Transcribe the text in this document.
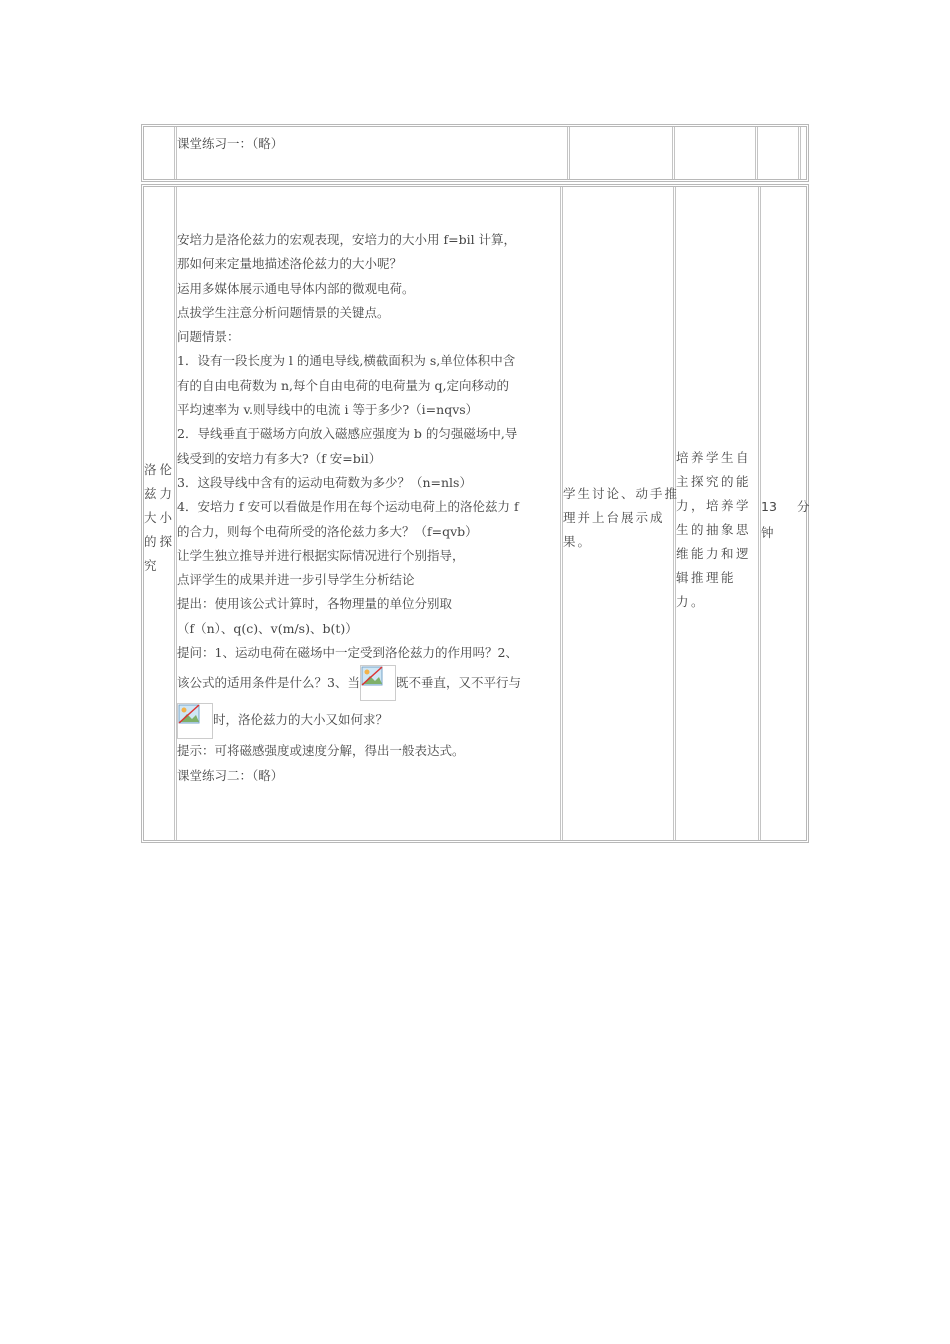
课堂练习一：（略）
洛伦兹力大小的探究
安培力是洛伦兹力的宏观表现，安培力的大小用 f=bil 计算，
那如何来定量地描述洛伦兹力的大小呢？
运用多媒体展示通电导体内部的微观电荷。
点拔学生注意分析问题情景的关键点。
问题情景：
1．设有一段长度为 l 的通电导线,横截面积为 s,单位体积中含
有的自由电荷数为 n,每个自由电荷的电荷量为 q,定向移动的
平均速率为 v.则导线中的电流 i 等于多少?（i=nqvs）
2．导线垂直于磁场方向放入磁感应强度为 b 的匀强磁场中,导
线受到的安培力有多大?（f 安=bil）
3．这段导线中含有的运动电荷数为多少？（n=nls）
4．安培力 f 安可以看做是作用在每个运动电荷上的洛伦兹力 f
的合力，则每个电荷所受的洛伦兹力多大？（f=qvb）
让学生独立推导并进行根据实际情况进行个别指导，
点评学生的成果并进一步引导学生分析结论
提出：使用该公式计算时，各物理量的单位分别取
（f（n）、q(c)、v(m/s)、b(t)）
提问：1、运动电荷在磁场中一定受到洛伦兹力的作用吗？2、
该公式的适用条件是什么？3、当	既不垂直，又不平行与
时，洛伦兹力的大小又如何求？
提示：可将磁感强度或速度分解，得出一般表达式。
课堂练习二：（略）
学生讨论、动手推理并上台展示成果。
培养学生自主探究的能力，培养学生的抽象思维能力和逻辑推理能力。
13 分
钟
